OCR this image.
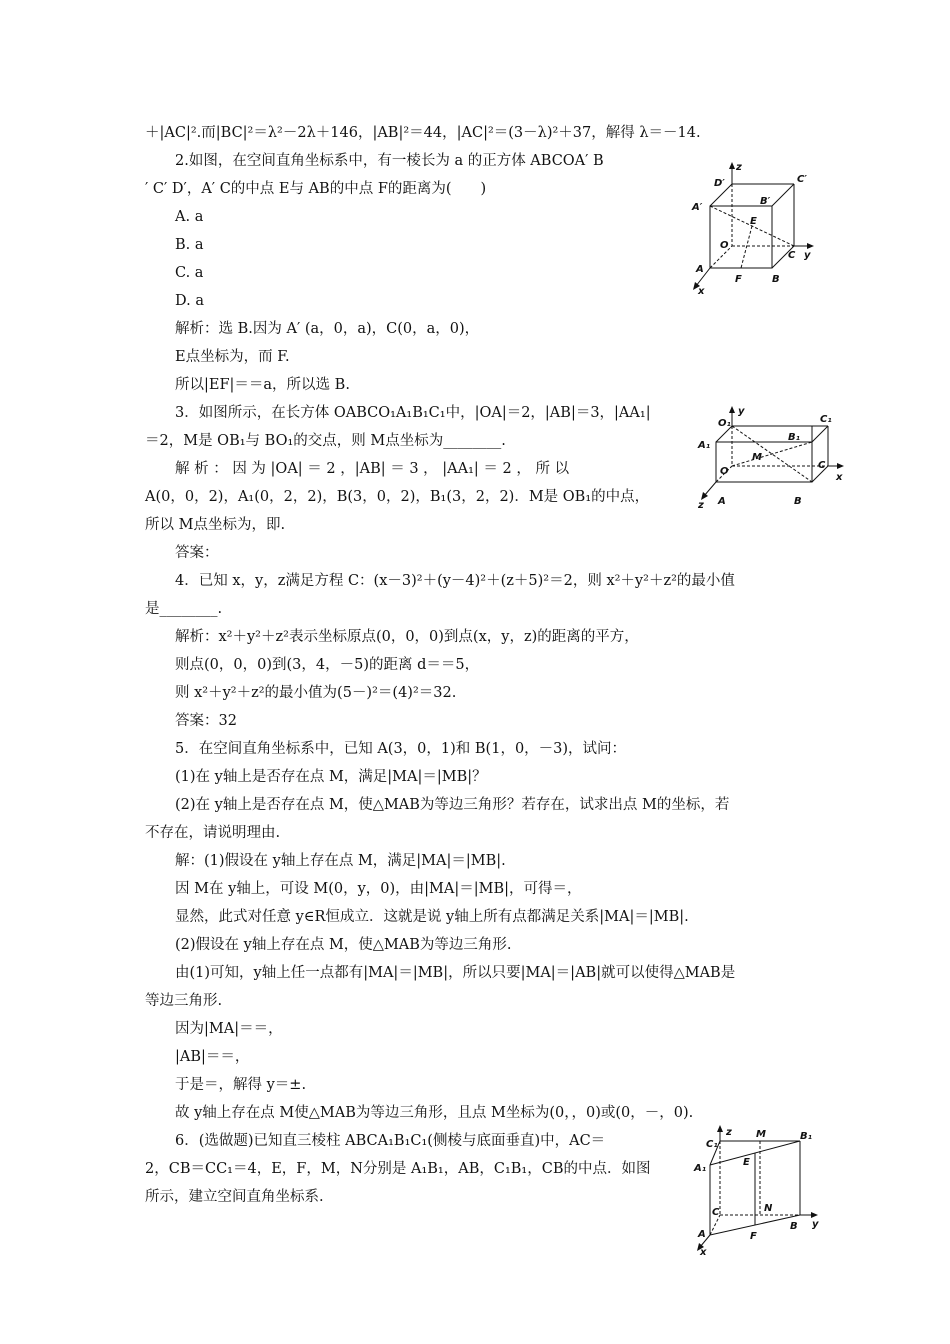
＋|AC|².而|BC|²＝λ²－2λ＋146，|AB|²＝44，|AC|²＝(3－λ)²＋37，解得 λ＝－14.
2.如图，在空间直角坐标系中，有一棱长为 a 的正方体 ABCOA′ B
′ C′ D′，A′ C的中点 E与 AB的中点 F的距离为(　　)
A. a
B. a
C. a
D. a
解析：选 B.因为 A′ (a，0，a)，C(0，a，0)，
E点坐标为，而 F.
所以|EF|＝＝a，所以选 B.
3．如图所示，在长方体 OABCO₁A₁B₁C₁中，|OA|＝2，|AB|＝3，|AA₁|
＝2，M是 OB₁与 BO₁的交点，则 M点坐标为________.
解 析 ： 因 为 |OA| ＝ 2 ，|AB| ＝ 3 ， |AA₁| ＝ 2 ， 所 以
A(0，0，2)，A₁(0，2，2)，B(3，0，2)，B₁(3，2，2)．M是 OB₁的中点，
所以 M点坐标为，即.
答案：
4．已知 x，y，z满足方程 C：(x－3)²＋(y－4)²＋(z＋5)²＝2，则 x²＋y²＋z²的最小值
是________.
解析：x²＋y²＋z²表示坐标原点(0，0，0)到点(x，y，z)的距离的平方，
则点(0，0，0)到(3，4，－5)的距离 d＝＝5，
则 x²＋y²＋z²的最小值为(5－)²＝(4)²＝32.
答案：32
5．在空间直角坐标系中，已知 A(3，0，1)和 B(1，0，－3)，试问：
(1)在 y轴上是否存在点 M，满足|MA|＝|MB|？
(2)在 y轴上是否存在点 M，使△MAB为等边三角形？若存在，试求出点 M的坐标，若
不存在，请说明理由.
解：(1)假设在 y轴上存在点 M，满足|MA|＝|MB|.
因 M在 y轴上，可设 M(0，y，0)，由|MA|＝|MB|，可得＝，
显然，此式对任意 y∈R恒成立．这就是说 y轴上所有点都满足关系|MA|＝|MB|.
(2)假设在 y轴上存在点 M，使△MAB为等边三角形.
由(1)可知，y轴上任一点都有|MA|＝|MB|，所以只要|MA|＝|AB|就可以使得△MAB是
等边三角形.
因为|MA|＝＝，
|AB|＝＝，
于是＝，解得 y＝±.
故 y轴上存在点 M使△MAB为等边三角形，且点 M坐标为(0，，0)或(0，－，0).
6．(选做题)已知直三棱柱 ABCA₁B₁C₁(侧棱与底面垂直)中，AC＝
2，CB＝CC₁＝4，E，F，M，N分别是 A₁B₁，AB，C₁B₁，CB的中点．如图
所示，建立空间直角坐标系.
z
y
x
D′	C′
B′
A′
E
O
C
A
F	B
y
x
z
O₁	C₁
B₁
A₁
M
O
C
A	B
z
y
x
C₁
M	B₁
A₁
E
C	N
A	F
B
